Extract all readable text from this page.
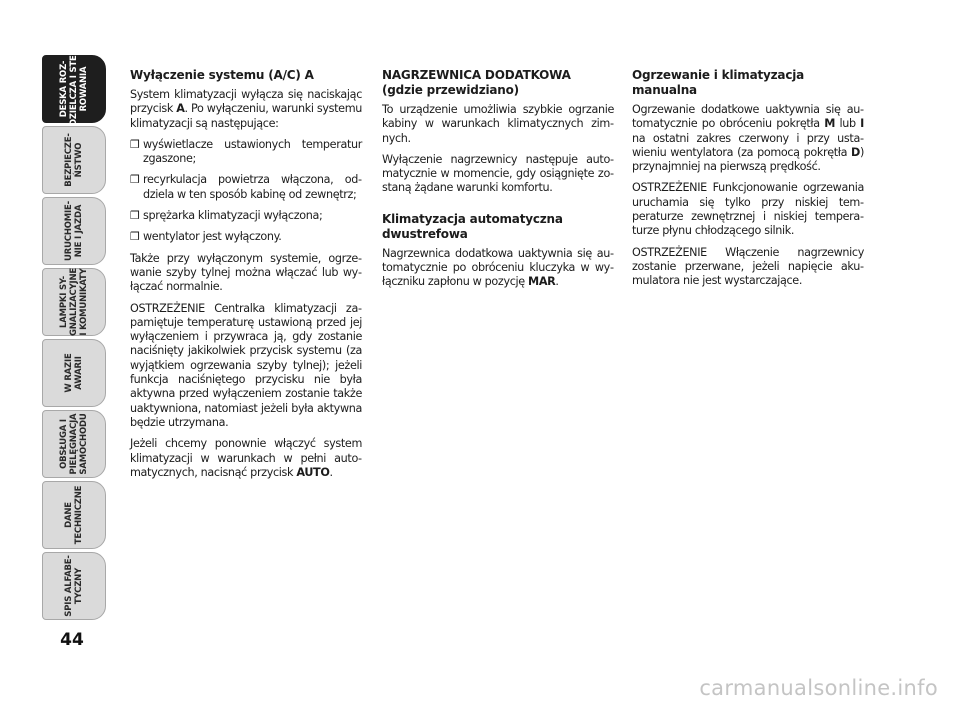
DESKA ROZ-
DZIELCZA I STE-
ROWANIA
BEZPIECZE-
ŃSTWO
URUCHOMIE-
NIE I JAZDA
LAMPKI SY-
GNALIZACYJNE
I KOMUNIKATY
W RAZIE
AWARII
OBSŁUGA I
PIELĘGNACJA
SAMOCHODU
DANE
TECHNICZNE
SPIS ALFABE-
TYCZNY
44
Wyłączenie systemu (A/C) A

System klimatyzacji wyłącza się naciskając przycisk A. Po wyłączeniu, warunki systemu klimatyzacji są następujące:

❒ wyświetlacze ustawionych temperatur zgaszone;
❒ recyrkulacja powietrza włączona, oddziela w ten sposób kabinę od zewnętrz;
❒ sprężarka klimatyzacji wyłączona;
❒ wentylator jest wyłączony.

Także przy wyłączonym systemie, ogrzewanie szyby tylnej można włączać lub wyłączać normalnie.

OSTRZEŻENIE Centralka klimatyzacji zapamiętuje temperaturę ustawioną przed jej wyłączeniem i przywraca ją, gdy zostanie naciśnięty jakikolwiek przycisk systemu (za wyjątkiem ogrzewania szyby tylnej); jeżeli funkcja naciśniętego przycisku nie była aktywna przed wyłączeniem zostanie także uaktywniona, natomiast jeżeli była aktywna będzie utrzymana.

Jeżeli chcemy ponownie włączyć system klimatyzacji w warunkach w pełni automatycznych, nacisnąć przycisk AUTO.

NAGRZEWNICA DODATKOWA
(gdzie przewidziano)

To urządzenie umożliwia szybkie ogrzanie kabiny w warunkach klimatycznych zimnych.

Wyłączenie nagrzewnicy następuje automatycznie w momencie, gdy osiągnięte zostaną żądane warunki komfortu.

Klimatyzacja automatyczna
dwustrefowa

Nagrzewnica dodatkowa uaktywnia się automatycznie po obróceniu kluczyka w wyłączniku zapłonu w pozycję MAR.

Ogrzewanie i klimatyzacja
manualna

Ogrzewanie dodatkowe uaktywnia się automatycznie po obróceniu pokrętła M lub I na ostatni zakres czerwony i przy ustawieniu wentylatora (za pomocą pokrętła D) przynajmniej na pierwszą prędkość.

OSTRZEŻENIE Funkcjonowanie ogrzewania uruchamia się tylko przy niskiej temperaturze zewnętrznej i niskiej temperaturze płynu chłodzącego silnik.

OSTRZEŻENIE Włączenie nagrzewnicy zostanie przerwane, jeżeli napięcie akumulatora nie jest wystarczające.

carmanualsonline.info
